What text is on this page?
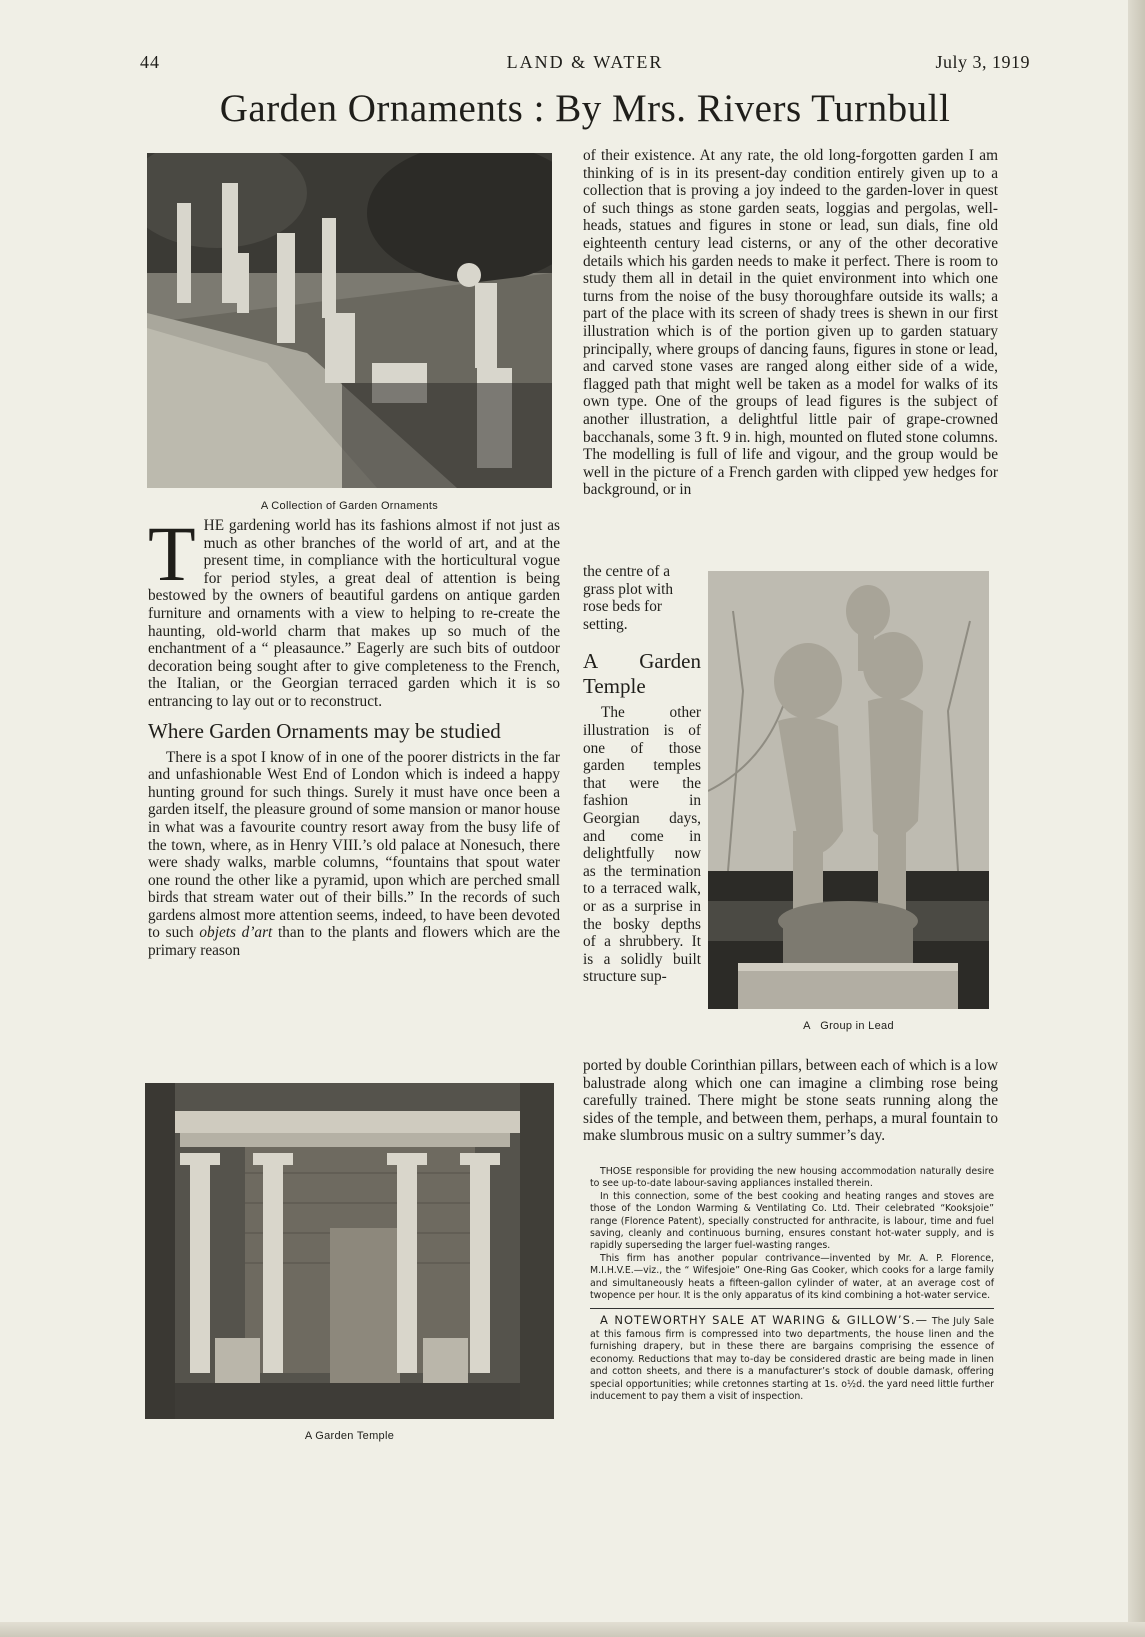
44	LAND & WATER	July 3, 1919
Garden Ornaments : By Mrs. Rivers Turnbull
A Collection of Garden Ornaments
T HE gardening world has its fashions almost if not just as much as other branches of the world of art, and at the present time, in compliance with the horticultural vogue for period styles, a great deal of attention is being bestowed by the owners of beautiful gardens on antique garden furniture and ornaments with a view to helping to re-create the haunting, old-world charm that makes up so much of the enchantment of a “ pleasaunce.” Eagerly are such bits of outdoor decoration being sought after to give completeness to the French, the Italian, or the Georgian terraced garden which it is so entrancing to lay out or to reconstruct.

Where Garden Ornaments may be studied

There is a spot I know of in one of the poorer districts in the far and unfashionable West End of London which is indeed a happy hunting ground for such things. Surely it must have once been a garden itself, the pleasure ground of some mansion or manor house in what was a favourite country resort away from the busy life of the town, where, as in Henry VIII.’s old palace at Nonesuch, there were shady walks, marble columns, “fountains that spout water one round the other like a pyramid, upon which are perched small birds that stream water out of their bills.” In the records of such gardens almost more attention seems, indeed, to have been devoted to such objets d’art than to the plants and flowers which are the primary reason

A Garden Temple

of their existence. At any rate, the old long-forgotten garden I am thinking of is in its present-day condition entirely given up to a collection that is proving a joy indeed to the garden-lover in quest of such things as stone garden seats, loggias and pergolas, well-heads, statues and figures in stone or lead, sun dials, fine old eighteenth century lead cisterns, or any of the other decorative details which his garden needs to make it perfect. There is room to study them all in detail in the quiet environment into which one turns from the noise of the busy thoroughfare outside its walls; a part of the place with its screen of shady trees is shewn in our first illustration which is of the portion given up to garden statuary principally, where groups of dancing fauns, figures in stone or lead, and carved stone vases are ranged along either side of a wide, flagged path that might well be taken as a model for walks of its own type. One of the groups of lead figures is the subject of another illustration, a delightful little pair of grape-crowned bacchanals, some 3 ft. 9 in. high, mounted on fluted stone columns. The modelling is full of life and vigour, and the group would be well in the picture of a French garden with clipped yew hedges for background, or in

the centre of a grass plot with rose beds for setting.

A Garden Temple

The other illustration is of one of those garden temples that were the fashion in Georgian days, and come in delightfully now as the termination to a terraced walk, or as a surprise in the bosky depths of a shrubbery. It is a solidly built structure sup-

A   Group in Lead

ported by double Corinthian pillars, between each of which is a low balustrade along which one can imagine a climbing rose being carefully trained. There might be stone seats running along the sides of the temple, and between them, perhaps, a mural fountain to make slumbrous music on a sultry summer’s day.

THOSE responsible for providing the new housing accommodation naturally desire to see up-to-date labour-saving appliances installed therein.

In this connection, some of the best cooking and heating ranges and stoves are those of the London Warming & Ventilating Co. Ltd. Their celebrated “Kooksjoie” range (Florence Patent), specially constructed for anthracite, is labour, time and fuel saving, cleanly and continuous burning, ensures constant hot-water supply, and is rapidly superseding the larger fuel-wasting ranges.

This firm has another popular contrivance—invented by Mr. A. P. Florence, M.I.H.V.E.—viz., the “ Wifesjoie” One-Ring Gas Cooker, which cooks for a large family and simultaneously heats a fifteen-gallon cylinder of water, at an average cost of twopence per hour. It is the only apparatus of its kind combining a hot-water service.

A NOTEWORTHY SALE AT WARING & GILLOW’S.— The July Sale at this famous firm is compressed into two departments, the house linen and the furnishing drapery, but in these there are bargains comprising the essence of economy. Reductions that may to-day be considered drastic are being made in linen and cotton sheets, and there is a manufacturer’s stock of double damask, offering special opportunities; while cretonnes starting at 1s. o½d. the yard need little further inducement to pay them a visit of inspection.
